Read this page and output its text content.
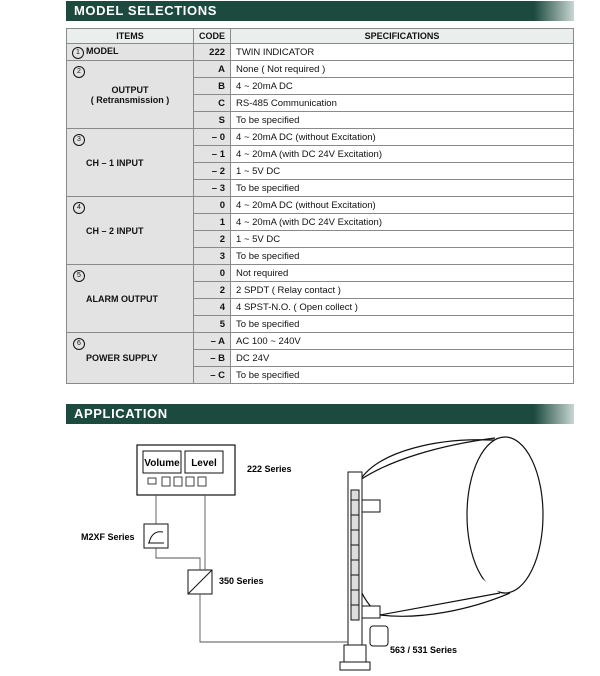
MODEL SELECTIONS
ITEMS	CODE	SPECIFICATIONS
1 MODEL	222	TWIN INDICATOR

2
OUTPUT
( Retransmission )	A	None ( Not required )
	B	4 ~ 20mA DC
	C	RS-485 Communication
	S	To be specified

3
CH – 1 INPUT	– 0	4 ~ 20mA DC (without Excitation)
	– 1	4 ~ 20mA (with DC 24V Excitation)
	– 2	1 ~ 5V DC
	– 3	To be specified

4
CH – 2 INPUT	0	4 ~ 20mA DC (without Excitation)
	1	4 ~ 20mA (with DC 24V Excitation)
	2	1 ~ 5V DC
	3	To be specified

5
ALARM OUTPUT	0	Not required
	2	2 SPDT ( Relay contact )
	4	4 SPST-N.O. ( Open collect )
	5	To be specified

6
POWER SUPPLY	– A	AC 100 ~ 240V
	– B	DC 24V
	– C	To be specified
APPLICATION
Volume Level	222 Series
M2XF Series
350 Series
563 / 531 Series
